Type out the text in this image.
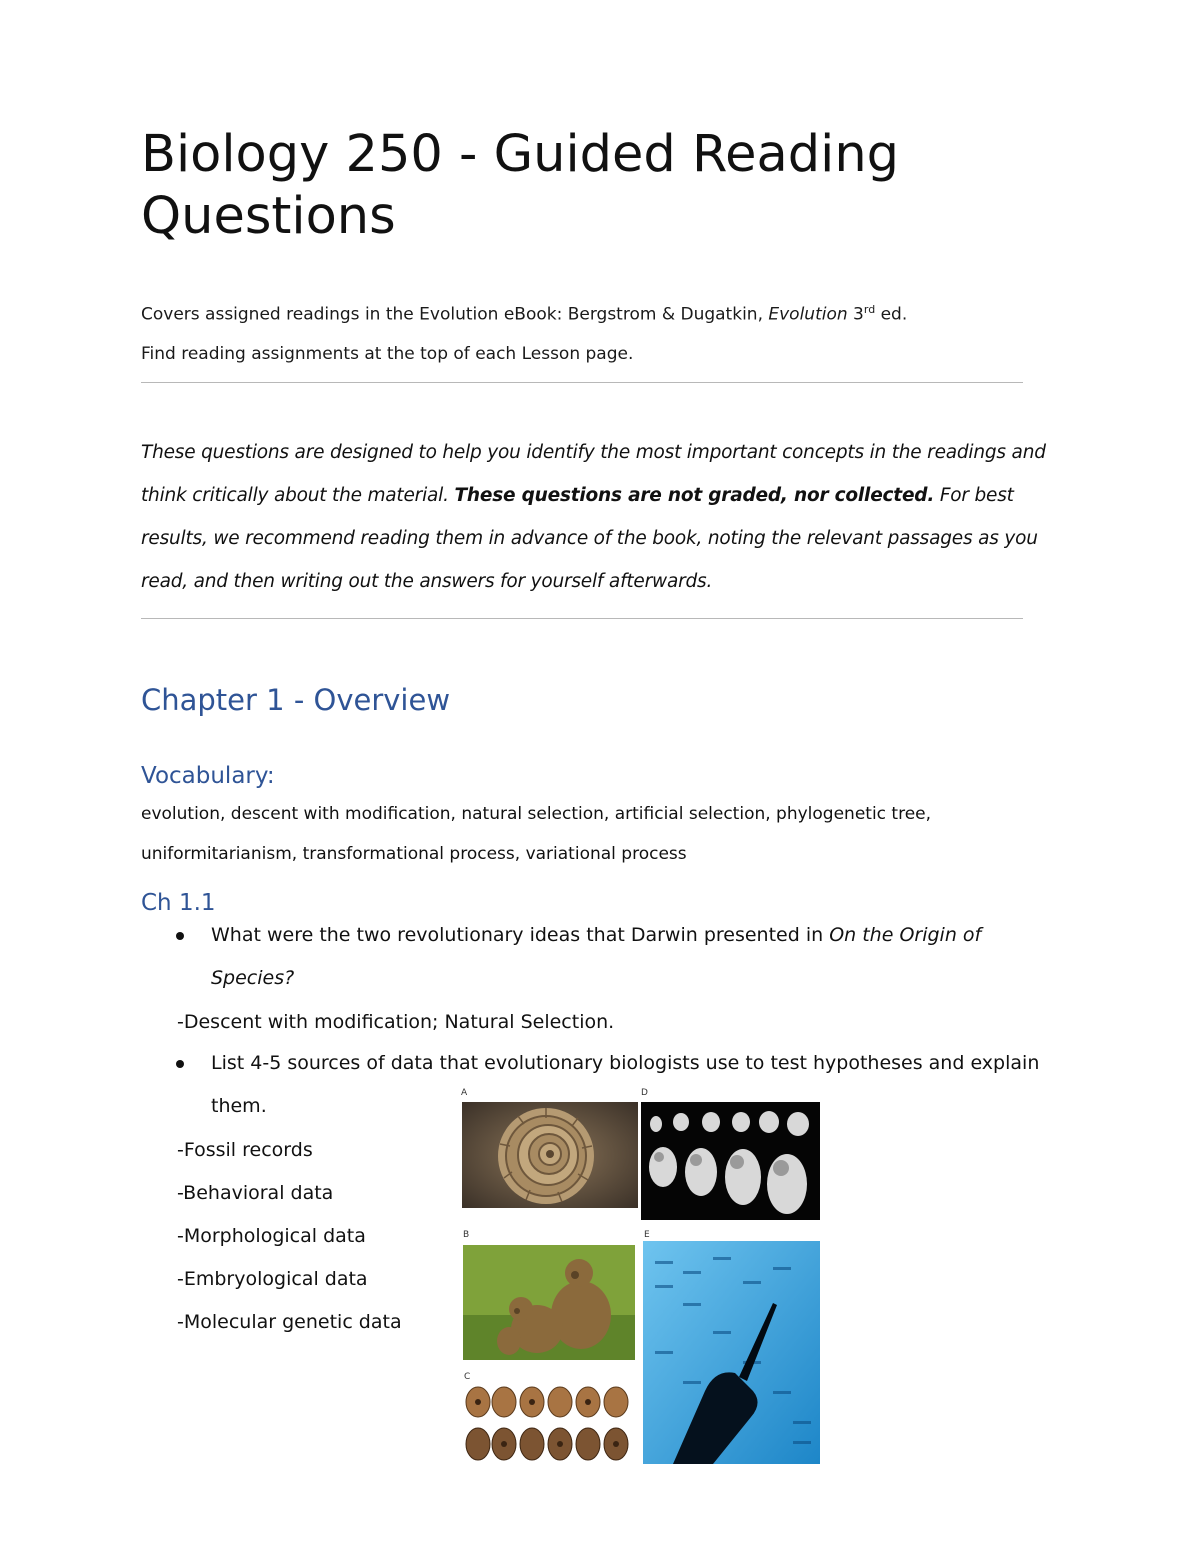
Biology 250 - Guided Reading Questions

Covers assigned readings in the Evolution eBook: Bergstrom & Dugatkin, Evolution 3rd ed.

Find reading assignments at the top of each Lesson page.

These questions are designed to help you identify the most important concepts in the readings and think critically about the material. These questions are not graded, nor collected. For best results, we recommend reading them in advance of the book, noting the relevant passages as you read, and then writing out the answers for yourself afterwards.

Chapter 1 - Overview
Vocabulary:

evolution, descent with modification, natural selection, artificial selection, phylogenetic tree, uniformitarianism, transformational process, variational process

Ch 1.1

What were the two revolutionary ideas that Darwin presented in On the Origin of Species?

-Descent with modification; Natural Selection.

List 4-5 sources of data that evolutionary biologists use to test hypotheses and explain them.

-Fossil records

-Behavioral data

-Morphological data

-Embryological data

-Molecular genetic data

A	D
B	E
C
